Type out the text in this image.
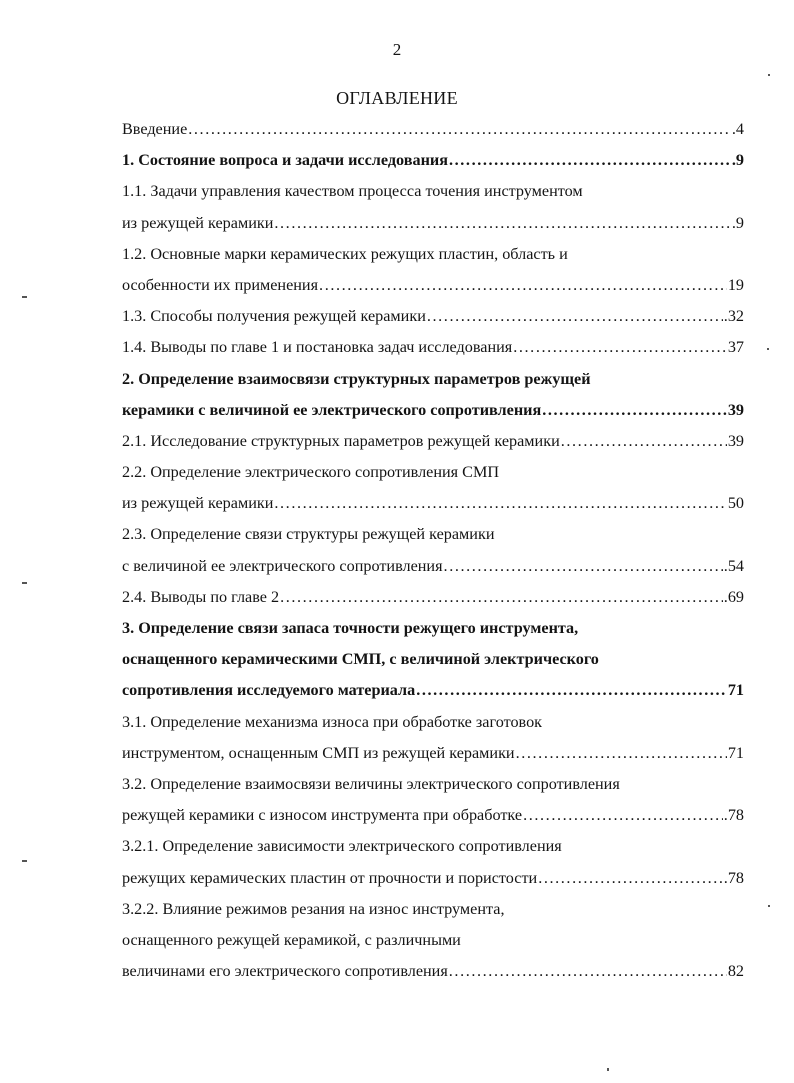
2
ОГЛАВЛЕНИЕ
Введение .....	.4
1. Состояние вопроса и задачи исследования .....	.9
1.1. Задачи управления качеством процесса точения инструментом
из режущей керамики .....	.9
1.2. Основные марки керамических режущих пластин, область и
особенности их применения .....	19
1.3. Способы получения режущей керамики .....	.32
1.4. Выводы по главе 1 и постановка задач исследования .....	37
2. Определение взаимосвязи структурных параметров режущей
керамики с величиной ее электрического сопротивления .....	39
2.1. Исследование структурных параметров режущей керамики .....	39
2.2. Определение электрического сопротивления СМП
из режущей керамики .....	50
2.3. Определение связи структуры режущей керамики
с величиной ее электрического сопротивления .....	.54
2.4. Выводы по главе 2 .....	.69
3. Определение связи запаса точности режущего инструмента,
оснащенного керамическими СМП, с величиной электрического
сопротивления исследуемого материала .....	71
3.1. Определение механизма износа при обработке заготовок
инструментом, оснащенным СМП из режущей керамики .....	71
3.2. Определение взаимосвязи величины электрического сопротивления
режущей керамики с износом инструмента при обработке .....	.78
3.2.1. Определение зависимости электрического сопротивления
режущих керамических пластин от прочности и пористости .....	.78
3.2.2. Влияние режимов резания на износ инструмента,
оснащенного режущей керамикой, с различными
величинами его электрического сопротивления .....	82
